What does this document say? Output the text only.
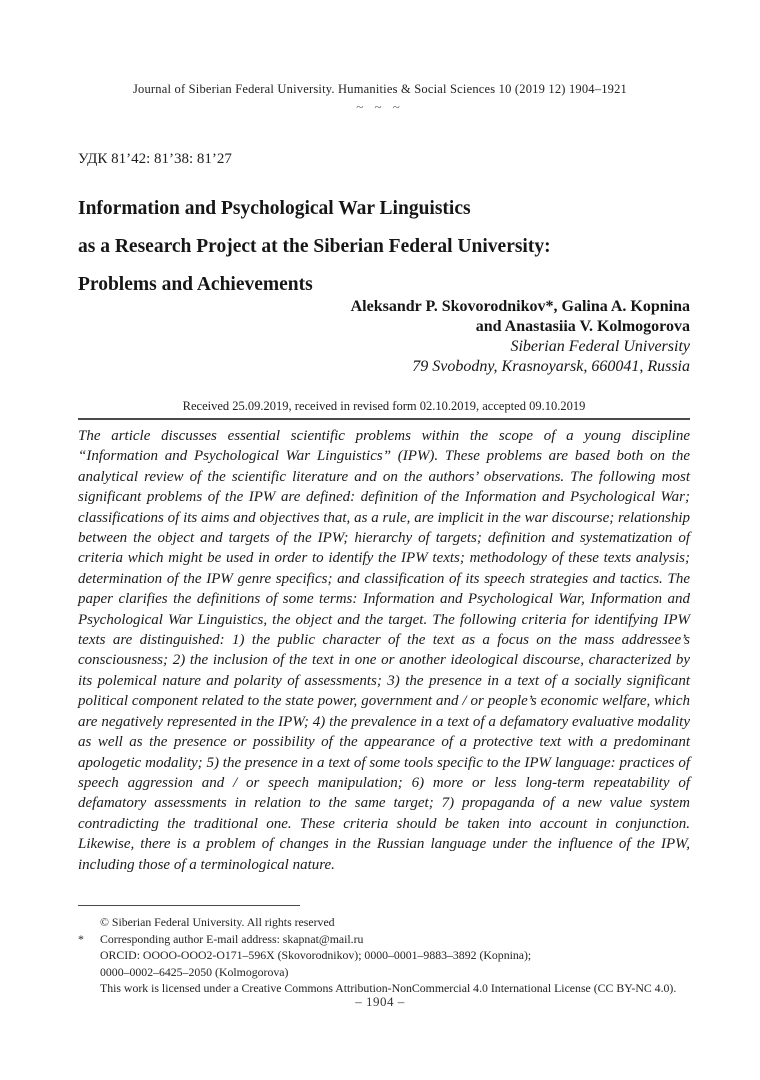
Journal of Siberian Federal University. Humanities & Social Sciences 10 (2019 12) 1904–1921
~ ~ ~
УДК 81’42: 81’38: 81’27
Information and Psychological War Linguistics
as a Research Project at the Siberian Federal University:
Problems and Achievements
Aleksandr P. Skovorodnikov*, Galina A. Kopnina
and Anastasiia V. Kolmogorova
Siberian Federal University
79 Svobodny, Krasnoyarsk, 660041, Russia
Received 25.09.2019, received in revised form 02.10.2019, accepted 09.10.2019

The article discusses essential scientific problems within the scope of a young discipline “Information and Psychological War Linguistics” (IPW). These problems are based both on the analytical review of the scientific literature and on the authors’ observations. The following most significant problems of the IPW are defined: definition of the Information and Psychological War; classifications of its aims and objectives that, as a rule, are implicit in the war discourse; relationship between the object and targets of the IPW; hierarchy of targets; definition and systematization of criteria which might be used in order to identify the IPW texts; methodology of these texts analysis; determination of the IPW genre specifics; and classification of its speech strategies and tactics. The paper clarifies the definitions of some terms: Information and Psychological War, Information and Psychological War Linguistics, the object and the target. The following criteria for identifying IPW texts are distinguished: 1) the public character of the text as a focus on the mass addressee’s consciousness; 2) the inclusion of the text in one or another ideological discourse, characterized by its polemical nature and polarity of assessments; 3) the presence in a text of a socially significant political component related to the state power, government and / or people’s economic welfare, which are negatively represented in the IPW; 4) the prevalence in a text of a defamatory evaluative modality as well as the presence or possibility of the appearance of a protective text with a predominant apologetic modality; 5) the presence in a text of some tools specific to the IPW language: practices of speech aggression and / or speech manipulation; 6) more or less long-term repeatability of defamatory assessments in relation to the same target; 7) propaganda of a new value system contradicting the traditional one. These criteria should be taken into account in conjunction. Likewise, there is a problem of changes in the Russian language under the influence of the IPW, including those of a terminological nature.

© Siberian Federal University. All rights reserved
*	Corresponding author E-mail address: skapnat@mail.ru
ORCID: OOOO-OOO2-O171–596X (Skovorodnikov); 0000–0001–9883–3892 (Kopnina);
0000–0002–6425–2050 (Kolmogorova)
This work is licensed under a Creative Commons Attribution-NonCommercial 4.0 International License (CC BY-NC 4.0).
– 1904 –
